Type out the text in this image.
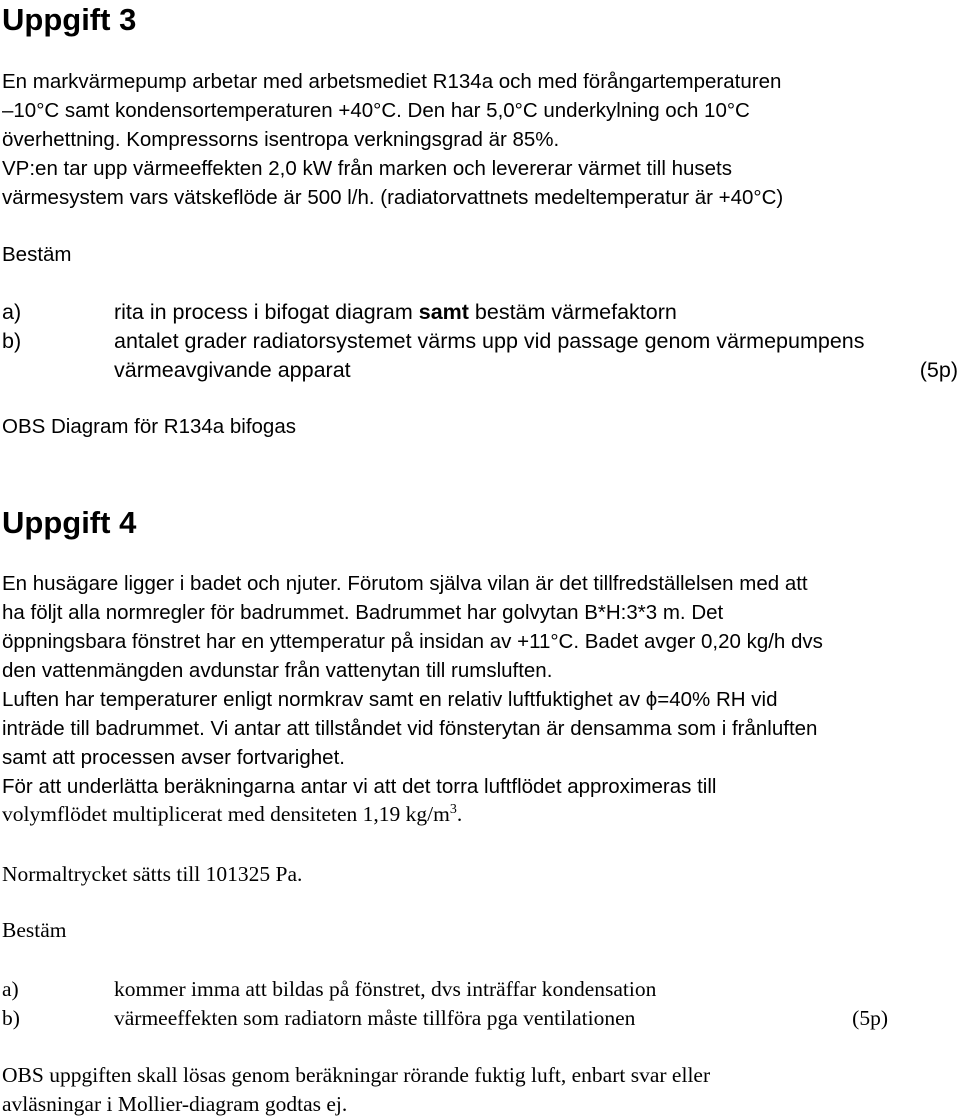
Uppgift 3

En markvärmepump arbetar med arbetsmediet R134a och med förångartemperaturen
–10°C samt kondensortemperaturen +40°C. Den har 5,0°C underkylning och 10°C
överhettning. Kompressorns isentropa verkningsgrad är 85%.
VP:en tar upp värmeeffekten 2,0 kW från marken och levererar värmet till husets
värmesystem vars vätskeflöde är 500 l/h. (radiatorvattnets medeltemperatur är +40°C)

Bestäm

a)	rita in process i bifogat diagram samt bestäm värmefaktorn
b)	antalet grader radiatorsystemet värms upp vid passage genom värmepumpens
värmeavgivande apparat	(5p)

OBS Diagram för R134a bifogas

Uppgift 4

En husägare ligger i badet och njuter. Förutom själva vilan är det tillfredställelsen med att
ha följt alla normregler för badrummet. Badrummet har golvytan B*H:3*3 m. Det
öppningsbara fönstret har en yttemperatur på insidan av +11°C. Badet avger 0,20 kg/h dvs
den vattenmängden avdunstar från vattenytan till rumsluften.
Luften har temperaturer enligt normkrav samt en relativ luftfuktighet av ϕ=40% RH vid
inträde till badrummet. Vi antar att tillståndet vid fönsterytan är densamma som i frånluften
samt att processen avser fortvarighet.
För att underlätta beräkningarna antar vi att det torra luftflödet approximeras till

volymflödet multiplicerat med densiteten 1,19 $kg/m^3$.

Normaltrycket sätts till 101325 Pa.

Bestäm

a)	kommer imma att bildas på fönstret, dvs inträffar kondensation
b)	värmeeffekten som radiatorn måste tillföra pga ventilationen	(5p)

OBS uppgiften skall lösas genom beräkningar rörande fuktig luft, enbart svar eller
avläsningar i Mollier-diagram godtas ej.
